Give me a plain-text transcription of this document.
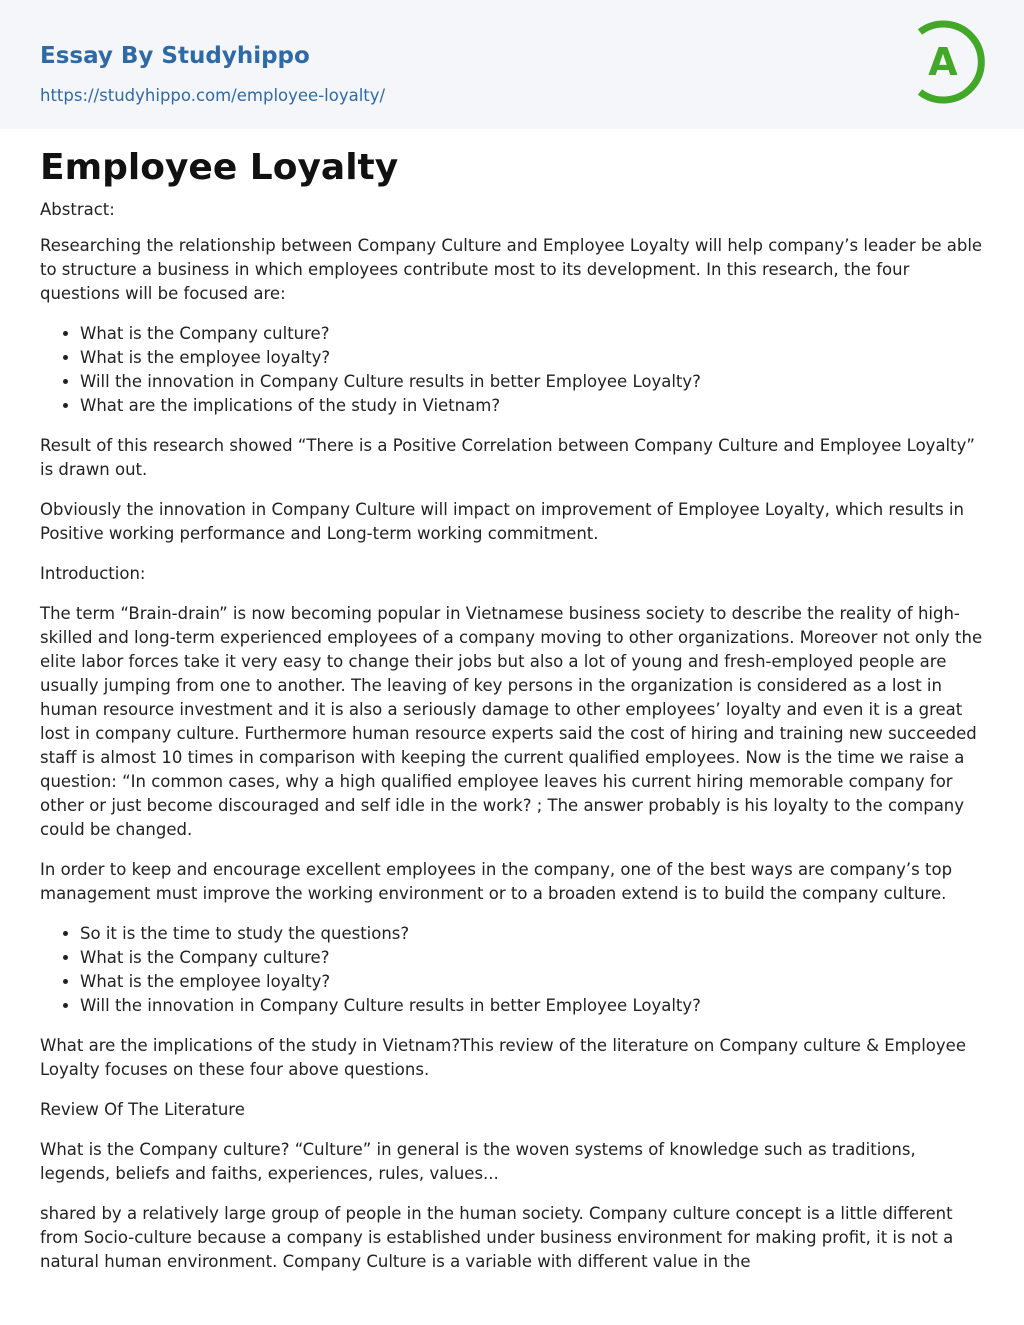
Essay By Studyhippo
https://studyhippo.com/employee-loyalty/
A
Employee Loyalty
Abstract:

Researching the relationship between Company Culture and Employee Loyalty will help company’s leader be able to structure a business in which employees contribute most to its development. In this research, the four questions will be focused are:

• What is the Company culture?
• What is the employee loyalty?
• Will the innovation in Company Culture results in better Employee Loyalty?
• What are the implications of the study in Vietnam?

Result of this research showed “There is a Positive Correlation between Company Culture and Employee Loyalty” is drawn out.

Obviously the innovation in Company Culture will impact on improvement of Employee Loyalty, which results in Positive working performance and Long-term working commitment.

Introduction:

The term “Brain-drain” is now becoming popular in Vietnamese business society to describe the reality of high-skilled and long-term experienced employees of a company moving to other organizations. Moreover not only the elite labor forces take it very easy to change their jobs but also a lot of young and fresh-employed people are usually jumping from one to another. The leaving of key persons in the organization is considered as a lost in human resource investment and it is also a seriously damage to other employees’ loyalty and even it is a great lost in company culture. Furthermore human resource experts said the cost of hiring and training new succeeded staff is almost 10 times in comparison with keeping the current qualified employees. Now is the time we raise a question: “In common cases, why a high qualified employee leaves his current hiring memorable company for other or just become discouraged and self idle in the work? ; The answer probably is his loyalty to the company could be changed.

In order to keep and encourage excellent employees in the company, one of the best ways are company’s top management must improve the working environment or to a broaden extend is to build the company culture.

• So it is the time to study the questions?
• What is the Company culture?
• What is the employee loyalty?
• Will the innovation in Company Culture results in better Employee Loyalty?

What are the implications of the study in Vietnam?This review of the literature on Company culture & Employee Loyalty focuses on these four above questions.

Review Of The Literature

What is the Company culture? “Culture” in general is the woven systems of knowledge such as traditions, legends, beliefs and faiths, experiences, rules, values...

shared by a relatively large group of people in the human society. Company culture concept is a little different from Socio-culture because a company is established under business environment for making profit, it is not a natural human environment. Company Culture is a variable with different value in the
